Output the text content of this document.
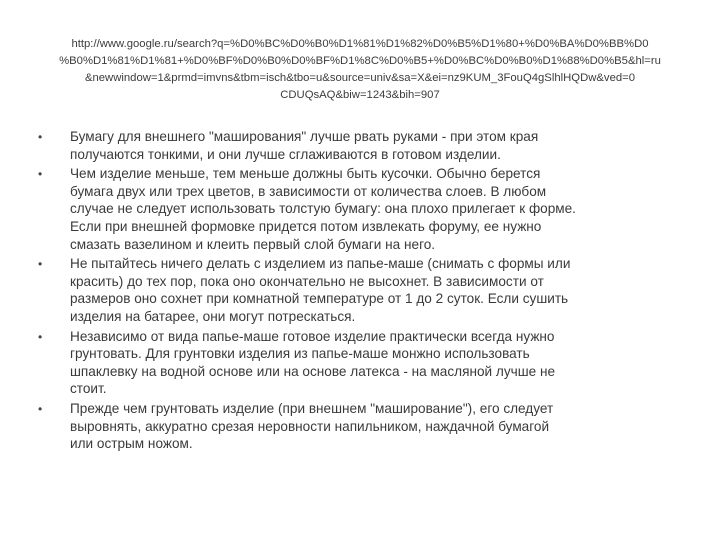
http://www.google.ru/search?q=%D0%BC%D0%B0%D1%81%D1%82%D0%B5%D1%80+%D0%BA%D0%BB%D0
%B0%D1%81%D1%81+%D0%BF%D0%B0%D0%BF%D1%8C%D0%B5+%D0%BC%D0%B0%D1%88%D0%B5&hl=ru
&newwindow=1&prmd=imvns&tbm=isch&tbo=u&source=univ&sa=X&ei=nz9KUM_3FouQ4gSlhlHQDw&ved=0
CDUQsAQ&biw=1243&bih=907
•	Бумагу для внешнего "маширования" лучше рвать руками - при этом края
получаются тонкими, и они лучше сглаживаются в готовом изделии.
•	Чем изделие меньше, тем меньше должны быть кусочки. Обычно берется
бумага двух или трех цветов, в зависимости от количества слоев. В любом
случае не следует использовать толстую бумагу: она плохо прилегает к форме.
Если при внешней формовке придется потом извлекать форуму, ее нужно
смазать вазелином и клеить первый слой бумаги на него.
•	Не пытайтесь ничего делать с изделием из папье-маше (снимать с формы или
красить) до тех пор, пока оно окончательно не высохнет. В зависимости от
размеров оно сохнет при комнатной температуре от 1 до 2 суток. Если сушить
изделия на батарее, они могут потрескаться.
•	Независимо от вида папье-маше готовое изделие практически всегда нужно
грунтовать. Для грунтовки изделия из папье-маше монжно использовать
шпаклевку на водной основе или на основе латекса - на масляной лучше не
стоит.
•	Прежде чем грунтовать изделие (при внешнем "маширование"), его следует
выровнять, аккуратно срезая неровности напильником, наждачной бумагой
или острым ножом.
